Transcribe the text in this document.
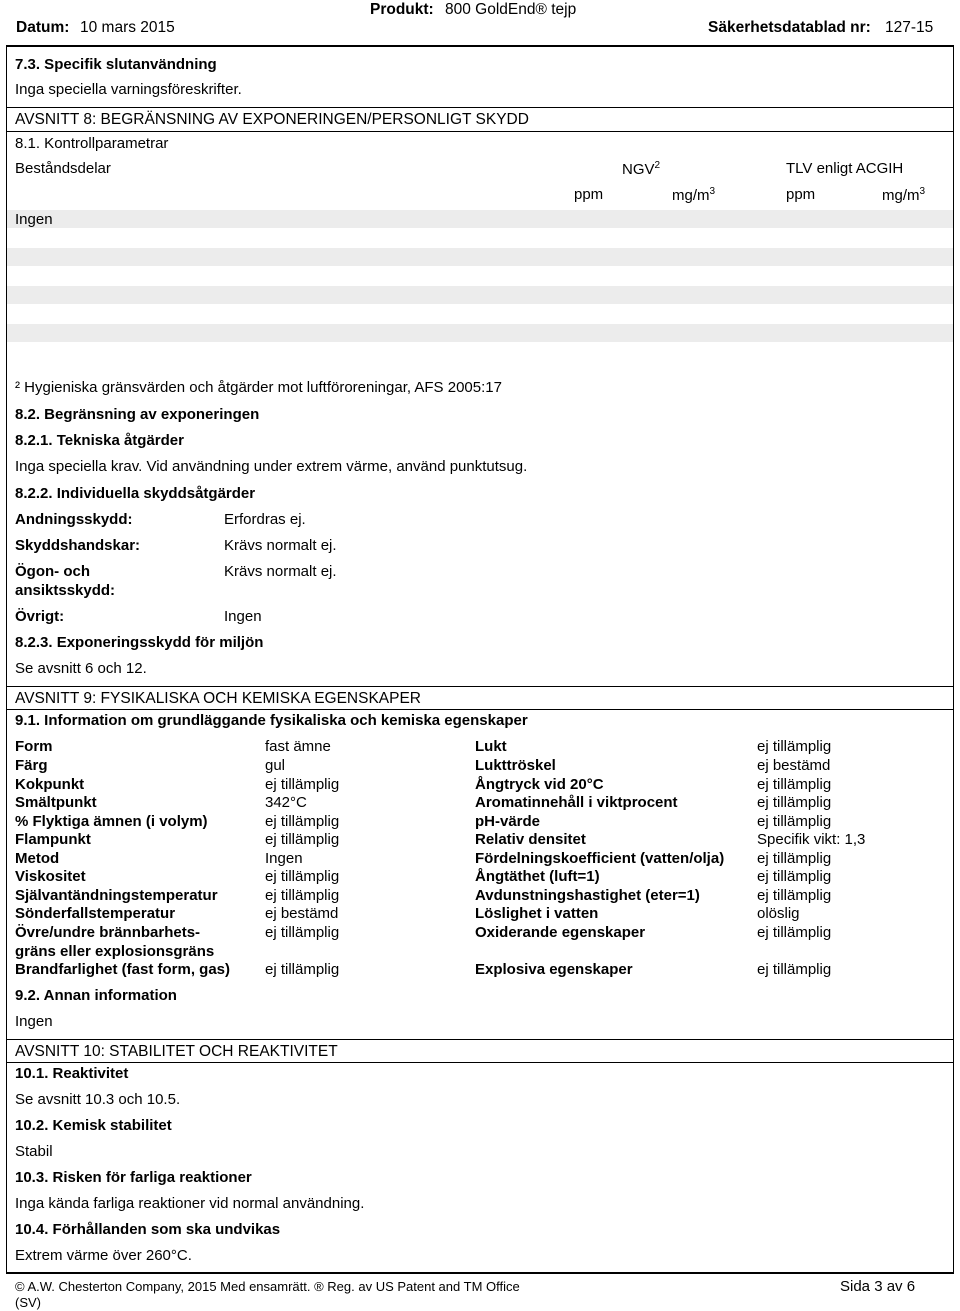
Datum: 10 mars 2015
Produkt: 800 GoldEnd® tejp
Säkerhetsdatablad nr: 127-15
7.3. Specifik slutanvändning
Inga speciella varningsföreskrifter.
AVSNITT 8: BEGRÄNSNING AV EXPONERINGEN/PERSONLIGT SKYDD
8.1. Kontrollparametrar
Beståndsdelar	NGV$^2$	TLV enligt ACGIH
ppm	$mg/m^3$	ppm	$mg/m^3$
Ingen
² Hygieniska gränsvärden och åtgärder mot luftföroreningar, AFS 2005:17
8.2. Begränsning av exponeringen
8.2.1. Tekniska åtgärder
Inga speciella krav. Vid användning under extrem värme, använd punktutsug.
8.2.2. Individuella skyddsåtgärder
Andningsskydd:	Erfordras ej.
Skyddshandskar:	Krävs normalt ej.
Ögon- och	Krävs normalt ej.
ansiktsskydd:
Övrigt:	Ingen
8.2.3. Exponeringsskydd för miljön
Se avsnitt 6 och 12.
AVSNITT 9: FYSIKALISKA OCH KEMISKA EGENSKAPER
9.1. Information om grundläggande fysikaliska och kemiska egenskaper
Form	fast ämne	Lukt	ej tillämplig
Färg	gul	Lukttröskel	ej bestämd
Kokpunkt	ej tillämplig	Ångtryck vid 20°C	ej tillämplig
Smältpunkt	342°C	Aromatinnehåll i viktprocent	ej tillämplig
% Flyktiga ämnen (i volym)	ej tillämplig	pH-värde	ej tillämplig
Flampunkt	ej tillämplig	Relativ densitet	Specifik vikt: 1,3
Metod	Ingen	Fördelningskoefficient (vatten/olja) ej tillämplig
Viskositet	ej tillämplig	Ångtäthet (luft=1)	ej tillämplig
Självantändningstemperatur	ej tillämplig	Avdunstningshastighet (eter=1)	ej tillämplig
Sönderfallstemperatur	ej bestämd	Löslighet i vatten	olöslig
Övre/undre brännbarhets-	ej tillämplig	Oxiderande egenskaper	ej tillämplig
gräns eller explosionsgräns
Brandfarlighet (fast form, gas) ej tillämplig	Explosiva egenskaper	ej tillämplig
9.2. Annan information
Ingen
AVSNITT 10: STABILITET OCH REAKTIVITET
10.1. Reaktivitet
Se avsnitt 10.3 och 10.5.
10.2. Kemisk stabilitet
Stabil
10.3. Risken för farliga reaktioner
Inga kända farliga reaktioner vid normal användning.
10.4. Förhållanden som ska undvikas
Extrem värme över 260°C.
© A.W. Chesterton Company, 2015 Med ensamrätt. ® Reg. av US Patent and TM Office
(SV)
Sida 3 av 6
